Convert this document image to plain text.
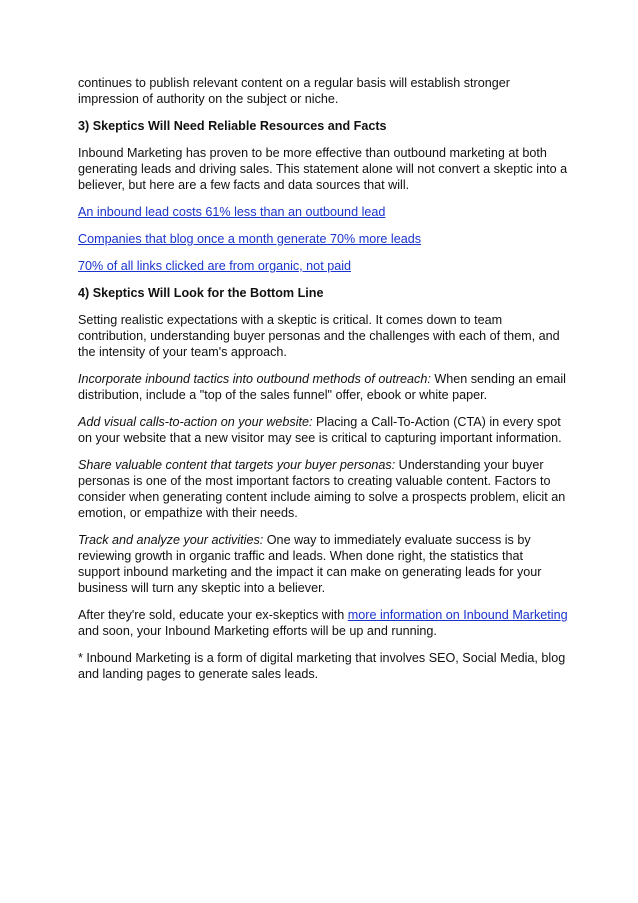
continues to publish relevant content on a regular basis will establish stronger impression of authority on the subject or niche.

3) Skeptics Will Need Reliable Resources and Facts

Inbound Marketing has proven to be more effective than outbound marketing at both generating leads and driving sales. This statement alone will not convert a skeptic into a believer, but here are a few facts and data sources that will.

An inbound lead costs 61% less than an outbound lead

Companies that blog once a month generate 70% more leads

70% of all links clicked are from organic, not paid

4) Skeptics Will Look for the Bottom Line

Setting realistic expectations with a skeptic is critical. It comes down to team contribution, understanding buyer personas and the challenges with each of them, and the intensity of your team's approach.

Incorporate inbound tactics into outbound methods of outreach: When sending an email distribution, include a "top of the sales funnel" offer, ebook or white paper.

Add visual calls-to-action on your website: Placing a Call-To-Action (CTA) in every spot on your website that a new visitor may see is critical to capturing important information.

Share valuable content that targets your buyer personas: Understanding your buyer personas is one of the most important factors to creating valuable content. Factors to consider when generating content include aiming to solve a prospects problem, elicit an emotion, or empathize with their needs.

Track and analyze your activities: One way to immediately evaluate success is by reviewing growth in organic traffic and leads. When done right, the statistics that support inbound marketing and the impact it can make on generating leads for your business will turn any skeptic into a believer.

After they're sold, educate your ex-skeptics with more information on Inbound Marketing and soon, your Inbound Marketing efforts will be up and running.

* Inbound Marketing is a form of digital marketing that involves SEO, Social Media, blog and landing pages to generate sales leads.
